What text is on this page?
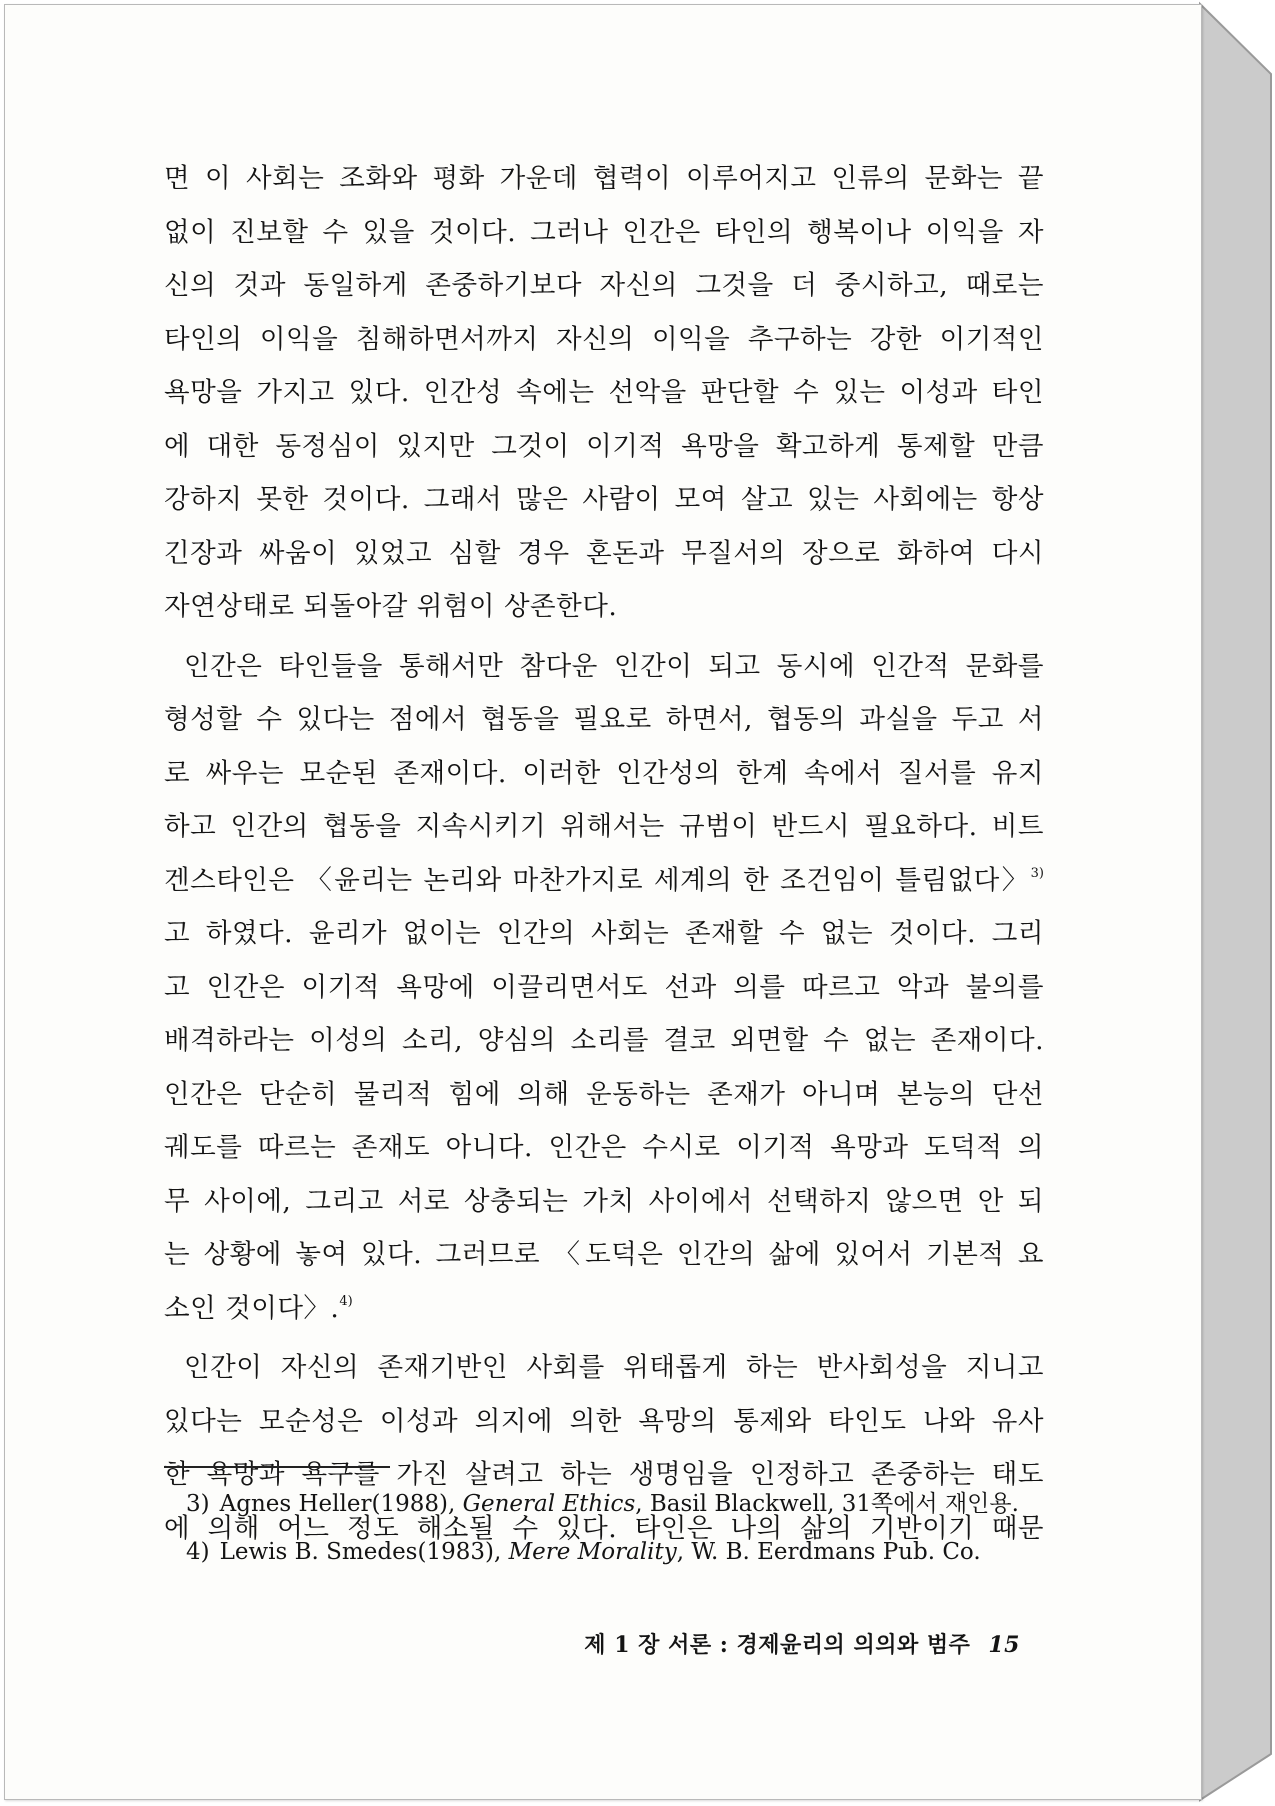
면 이 사회는 조화와 평화 가운데 협력이 이루어지고 인류의 문화는 끝
없이 진보할 수 있을 것이다. 그러나 인간은 타인의 행복이나 이익을 자
신의 것과 동일하게 존중하기보다 자신의 그것을 더 중시하고, 때로는
타인의 이익을 침해하면서까지 자신의 이익을 추구하는 강한 이기적인
욕망을 가지고 있다. 인간성 속에는 선악을 판단할 수 있는 이성과 타인
에 대한 동정심이 있지만 그것이 이기적 욕망을 확고하게 통제할 만큼
강하지 못한 것이다. 그래서 많은 사람이 모여 살고 있는 사회에는 항상
긴장과 싸움이 있었고 심할 경우 혼돈과 무질서의 장으로 화하여 다시
자연상태로 되돌아갈 위험이 상존한다.
인간은 타인들을 통해서만 참다운 인간이 되고 동시에 인간적 문화를
형성할 수 있다는 점에서 협동을 필요로 하면서, 협동의 과실을 두고 서
로 싸우는 모순된 존재이다. 이러한 인간성의 한계 속에서 질서를 유지
하고 인간의 협동을 지속시키기 위해서는 규범이 반드시 필요하다. 비트
겐스타인은 〈윤리는 논리와 마찬가지로 세계의 한 조건임이 틀림없다〉$^{3)}$
고 하였다. 윤리가 없이는 인간의 사회는 존재할 수 없는 것이다. 그리
고 인간은 이기적 욕망에 이끌리면서도 선과 의를 따르고 악과 불의를
배격하라는 이성의 소리, 양심의 소리를 결코 외면할 수 없는 존재이다.
인간은 단순히 물리적 힘에 의해 운동하는 존재가 아니며 본능의 단선
궤도를 따르는 존재도 아니다. 인간은 수시로 이기적 욕망과 도덕적 의
무 사이에, 그리고 서로 상충되는 가치 사이에서 선택하지 않으면 안 되
는 상황에 놓여 있다. 그러므로 〈도덕은 인간의 삶에 있어서 기본적 요
소인 것이다〉.$^{4)}$
인간이 자신의 존재기반인 사회를 위태롭게 하는 반사회성을 지니고
있다는 모순성은 이성과 의지에 의한 욕망의 통제와 타인도 나와 유사
한 욕망과 욕구를 가진 살려고 하는 생명임을 인정하고 존중하는 태도
에 의해 어느 정도 해소될 수 있다. 타인은 나의 삶의 기반이기 때문
3) Agnes Heller(1988), General Ethics, Basil Blackwell, 31쪽에서 재인용.
4) Lewis B. Smedes(1983), Mere Morality, W. B. Eerdmans Pub. Co.
제 1 장 서론 : 경제윤리의 의의와 범주 15
